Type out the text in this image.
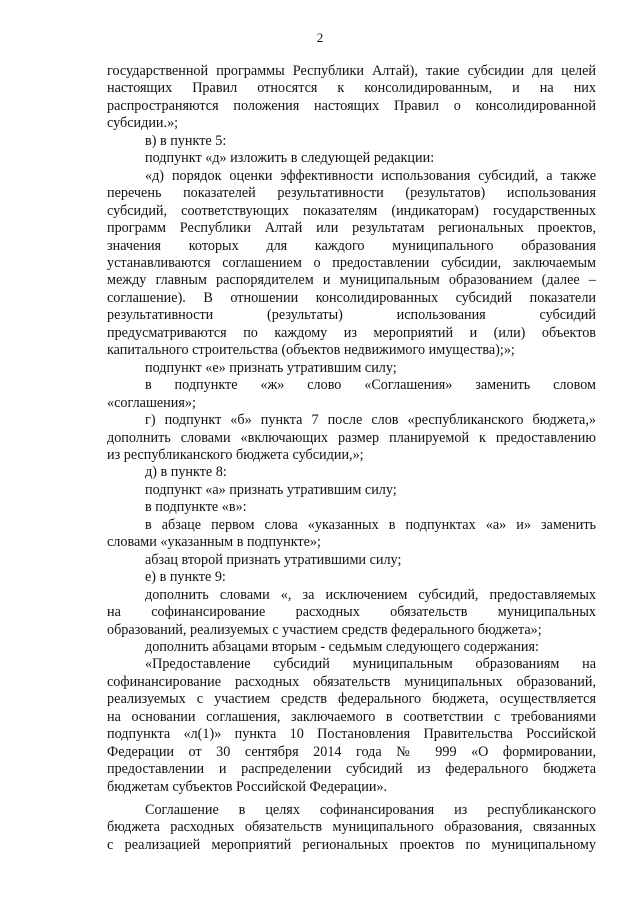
2
государственной программы Республики Алтай), такие субсидии для целей
настоящих Правил относятся к консолидированным, и на них
распространяются положения настоящих Правил о консолидированной
субсидии.»;
в) в пункте 5:
подпункт «д» изложить в следующей редакции:
«д) порядок оценки эффективности использования субсидий, а также
перечень показателей результативности (результатов) использования
субсидий, соответствующих показателям (индикаторам) государственных
программ Республики Алтай или результатам региональных проектов,
значения которых для каждого муниципального образования
устанавливаются соглашением о предоставлении субсидии, заключаемым
между главным распорядителем и муниципальным образованием (далее –
соглашение). В отношении консолидированных субсидий показатели
результативности (результаты) использования субсидий
предусматриваются по каждому из мероприятий и (или) объектов
капитального строительства (объектов недвижимого имущества);»;
подпункт «е» признать утратившим силу;
в подпункте «ж» слово «Соглашения» заменить словом
«соглашения»;
г) подпункт «б» пункта 7 после слов «республиканского бюджета,»
дополнить словами «включающих размер планируемой к предоставлению
из республиканского бюджета субсидии,»;
д) в пункте 8:
подпункт «а» признать утратившим силу;
в подпункте «в»:
в абзаце первом слова «указанных в подпунктах «а» и» заменить
словами «указанным в подпункте»;
абзац второй признать утратившими силу;
е) в пункте 9:
дополнить словами «, за исключением субсидий, предоставляемых
на софинансирование расходных обязательств муниципальных
образований, реализуемых с участием средств федерального бюджета»;
дополнить абзацами вторым - седьмым следующего содержания:
«Предоставление субсидий муниципальным образованиям на
софинансирование расходных обязательств муниципальных образований,
реализуемых с участием средств федерального бюджета, осуществляется
на основании соглашения, заключаемого в соответствии с требованиями
подпункта «л(1)» пункта 10 Постановления Правительства Российской
Федерации от 30 сентября 2014 года № 999 «О формировании,
предоставлении и распределении субсидий из федерального бюджета
бюджетам субъектов Российской Федерации».
Соглашение в целях софинансирования из республиканского
бюджета расходных обязательств муниципального образования, связанных
с реализацией мероприятий региональных проектов по муниципальному
